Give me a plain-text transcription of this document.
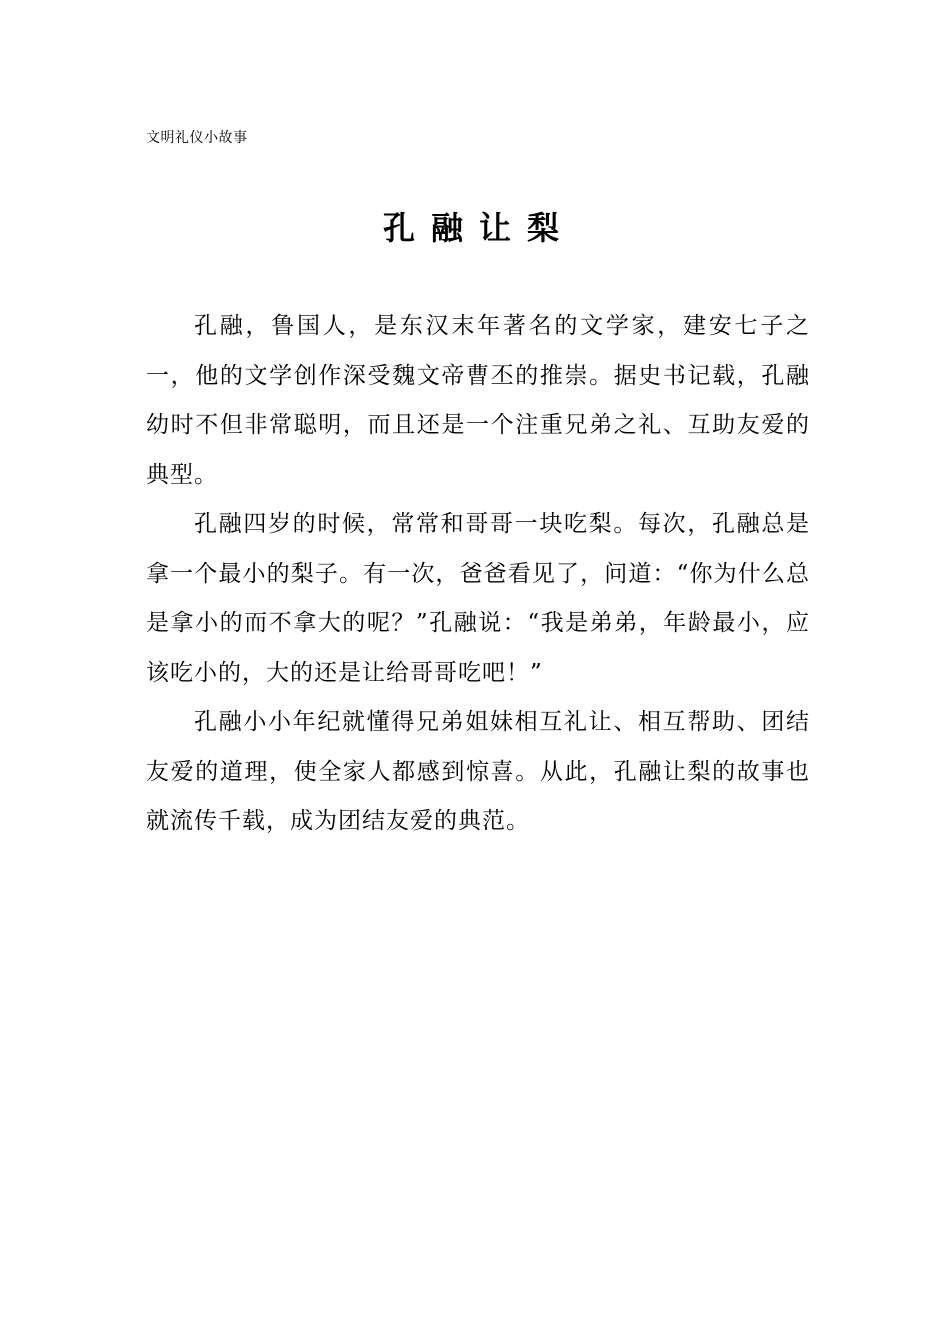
文明礼仪小故事
孔融让梨

孔融，鲁国人，是东汉末年著名的文学家，建安七子之一，他的文学创作深受魏文帝曹丕的推崇。据史书记载，孔融幼时不但非常聪明，而且还是一个注重兄弟之礼、互助友爱的典型。

孔融四岁的时候，常常和哥哥一块吃梨。每次，孔融总是拿一个最小的梨子。有一次，爸爸看见了，问道：“你为什么总是拿小的而不拿大的呢？”孔融说：“我是弟弟，年龄最小，应该吃小的，大的还是让给哥哥吃吧！”

孔融小小年纪就懂得兄弟姐妹相互礼让、相互帮助、团结友爱的道理，使全家人都感到惊喜。从此，孔融让梨的故事也就流传千载，成为团结友爱的典范。
